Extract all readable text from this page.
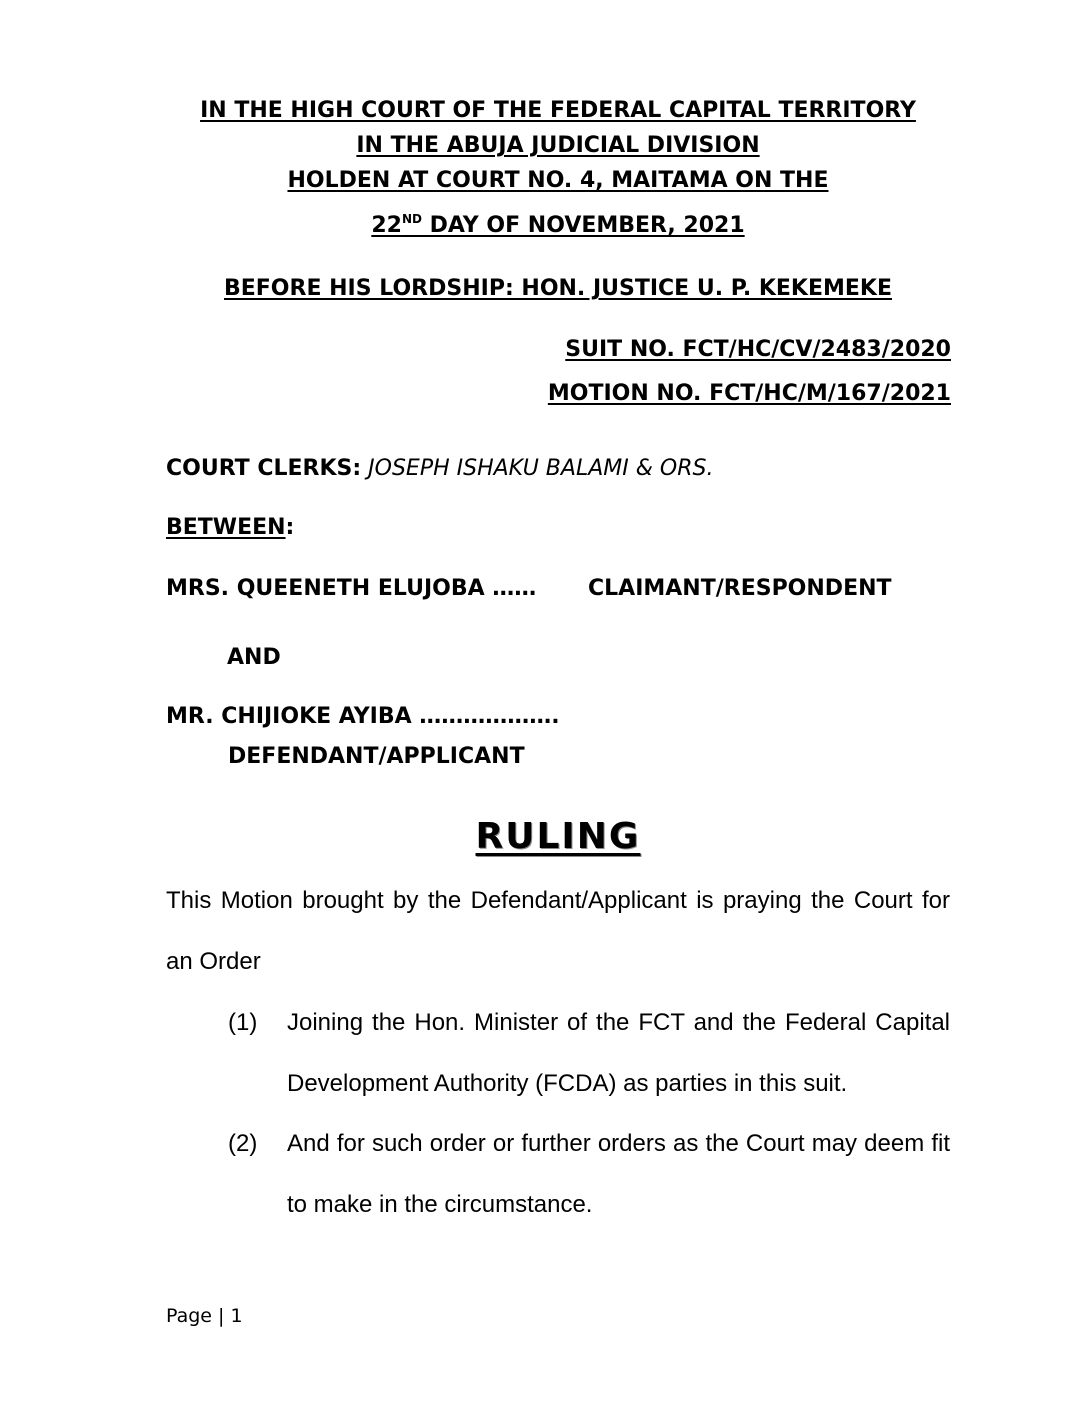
IN THE HIGH COURT OF THE FEDERAL CAPITAL TERRITORY
IN THE ABUJA JUDICIAL DIVISION
HOLDEN AT COURT NO. 4, MAITAMA ON THE
22ND DAY OF NOVEMBER, 2021
BEFORE HIS LORDSHIP: HON. JUSTICE U. P. KEKEMEKE
SUIT NO. FCT/HC/CV/2483/2020
MOTION NO. FCT/HC/M/167/2021
COURT CLERKS: JOSEPH ISHAKU BALAMI & ORS.
BETWEEN:
MRS. QUEENETH ELUJOBA …… CLAIMANT/RESPONDENT
AND
MR. CHIJIOKE AYIBA ……………….
DEFENDANT/APPLICANT
RULING
This Motion brought by the Defendant/Applicant is praying the Court for an Order
(1) Joining the Hon. Minister of the FCT and the Federal Capital Development Authority (FCDA) as parties in this suit.
(2) And for such order or further orders as the Court may deem fit to make in the circumstance.
Page | 1
